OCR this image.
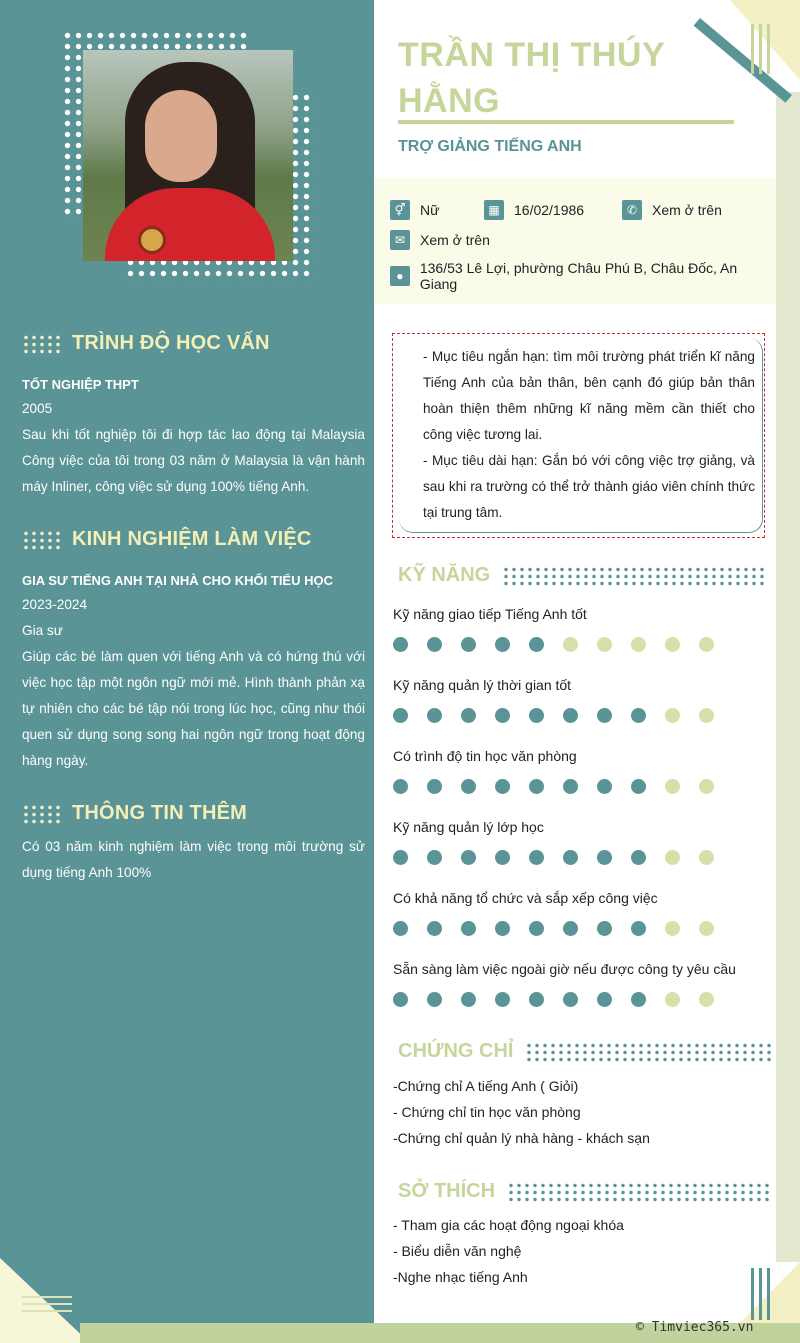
TRÌNH ĐỘ HỌC VẤN

TỐT NGHIỆP THPT

2005

Sau khi tốt nghiệp tôi đi hợp tác lao động tại Malaysia Công việc của tôi trong 03 năm ở Malaysia là vận hành máy Inliner, công việc sử dụng 100% tiếng Anh.

KINH NGHIỆM LÀM VIỆC

GIA SƯ TIẾNG ANH TẠI NHÀ CHO KHỐI TIỂU HỌC

2023-2024

Gia sư

Giúp các bé làm quen với tiếng Anh và có hứng thú với việc học tập một ngôn ngữ mới mẻ. Hình thành phản xạ tự nhiên cho các bé tập nói trong lúc học, cũng như thói quen sử dụng song song hai ngôn ngữ trong hoạt động hàng ngày.

THÔNG TIN THÊM

Có 03 năm kinh nghiệm làm việc trong môi trường sử dụng tiếng Anh 100%

TRẦN THỊ THÚY HẰNG
TRỢ GIẢNG TIẾNG ANH
⚥	Nữ	▦	16/02/1986	✆	Xem ở trên
✉	Xem ở trên
●	136/53 Lê Lợi, phường Châu Phú B, Châu Đốc, An Giang
- Mục tiêu ngắn hạn: tìm môi trường phát triển kĩ năng Tiếng Anh của bản thân, bên cạnh đó giúp bản thân hoàn thiện thêm những kĩ năng mềm cần thiết cho công việc tương lai.
- Mục tiêu dài hạn: Gắn bó với công việc trợ giảng, và sau khi ra trường có thể trở thành giáo viên chính thức tại trung tâm.
KỸ NĂNG
Kỹ năng giao tiếp Tiếng Anh tốt
Kỹ năng quản lý thời gian tốt
Có trình độ tin học văn phòng
Kỹ năng quản lý lớp học
Có khả năng tổ chức và sắp xếp công việc
Sẵn sàng làm việc ngoài giờ nếu được công ty yêu cầu
CHỨNG CHỈ
-Chứng chỉ A tiếng Anh ( Giỏi)
- Chứng chỉ tin học văn phòng
-Chứng chỉ quản lý nhà hàng - khách sạn
SỞ THÍCH
- Tham gia các hoạt động ngoại khóa
- Biểu diễn văn nghệ
-Nghe nhạc tiếng Anh
© Timviec365.vn
